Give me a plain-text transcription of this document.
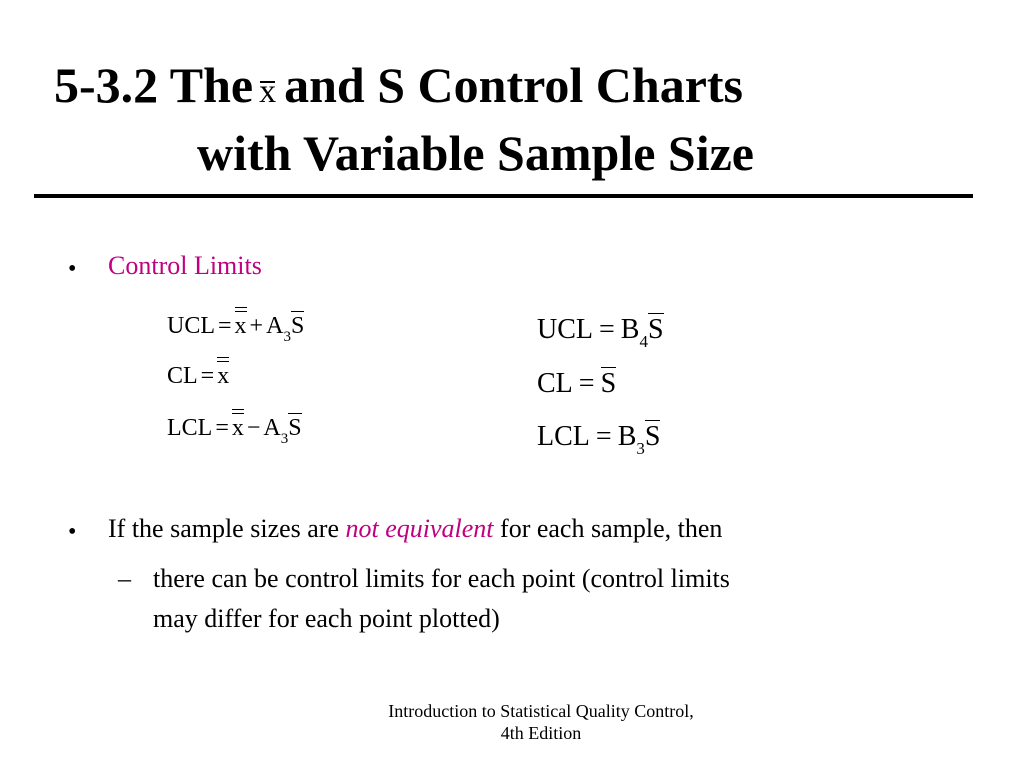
5-3.2 The x and S Control Charts
with Variable Sample Size
• Control Limits
UCL = $x + A_3S$
CL = x
LCL = $x - A_3S$
UCL = $B_4S$
CL = S
LCL = $B_3S$
• If the sample sizes are not equivalent for each sample, then
– there can be control limits for each point (control limits
may differ for each point plotted)
Introduction to Statistical Quality Control,
4th Edition
